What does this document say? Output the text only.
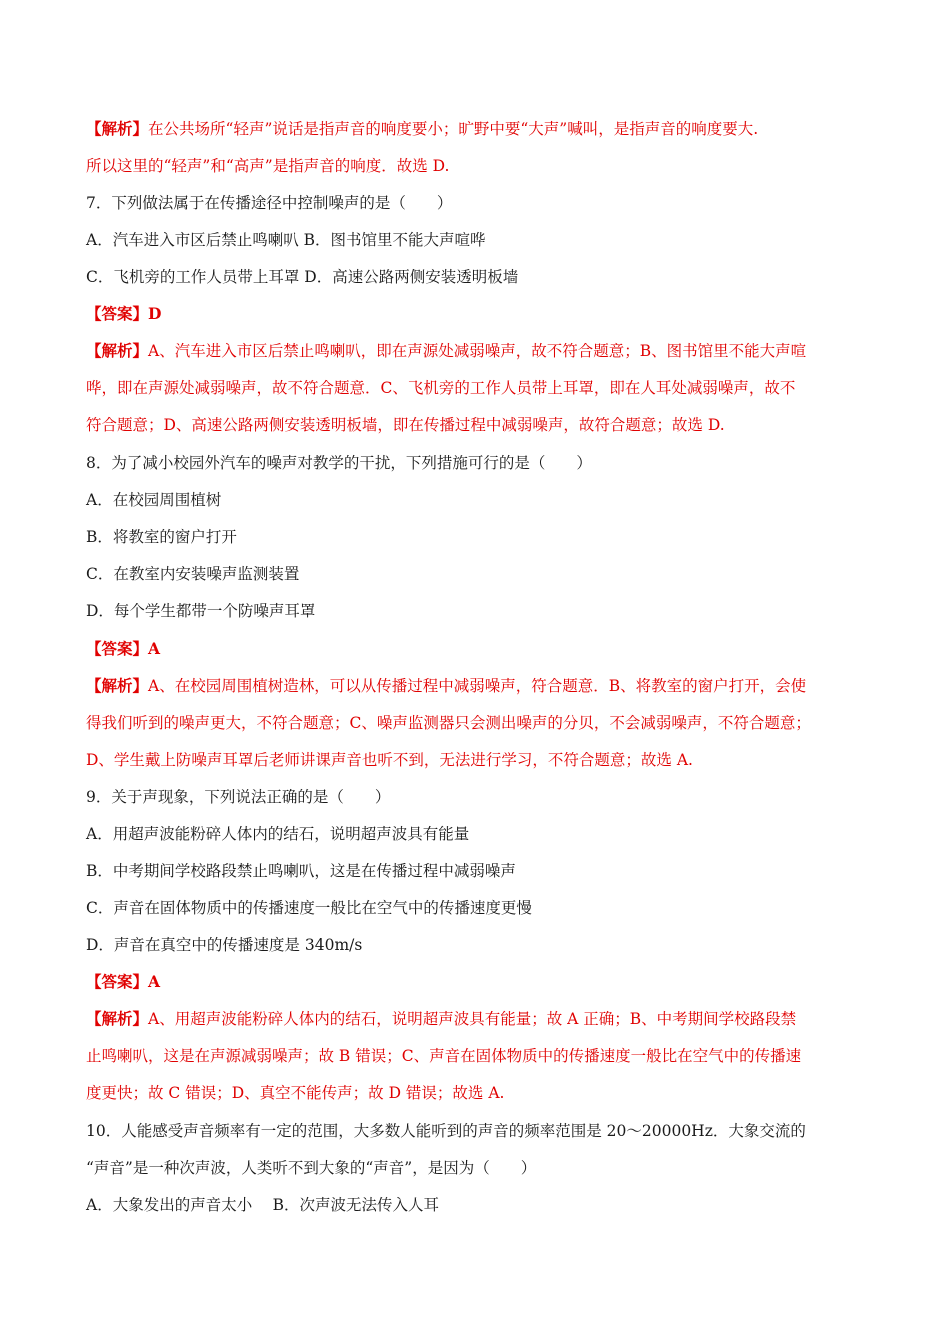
【解析】在公共场所“轻声”说话是指声音的响度要小；旷野中要“大声”喊叫，是指声音的响度要大.
所以这里的“轻声”和“高声”是指声音的响度．故选 D.
7．下列做法属于在传播途径中控制噪声的是（　　）
A．汽车进入市区后禁止鸣喇叭 B．图书馆里不能大声喧哗
C．飞机旁的工作人员带上耳罩 D．高速公路两侧安装透明板墙
【答案】D
【解析】A、汽车进入市区后禁止鸣喇叭，即在声源处减弱噪声，故不符合题意；B、图书馆里不能大声喧
哗，即在声源处减弱噪声，故不符合题意．C、飞机旁的工作人员带上耳罩，即在人耳处减弱噪声，故不
符合题意；D、高速公路两侧安装透明板墙，即在传播过程中减弱噪声，故符合题意；故选 D.
8．为了减小校园外汽车的噪声对教学的干扰，下列措施可行的是（　　）
A．在校园周围植树
B．将教室的窗户打开
C．在教室内安装噪声监测装置
D．每个学生都带一个防噪声耳罩
【答案】A
【解析】A、在校园周围植树造林，可以从传播过程中减弱噪声，符合题意．B、将教室的窗户打开，会使
得我们听到的噪声更大，不符合题意；C、噪声监测器只会测出噪声的分贝，不会减弱噪声，不符合题意；
D、学生戴上防噪声耳罩后老师讲课声音也听不到，无法进行学习，不符合题意；故选 A.
9．关于声现象，下列说法正确的是（　　）
A．用超声波能粉碎人体内的结石，说明超声波具有能量
B．中考期间学校路段禁止鸣喇叭，这是在传播过程中减弱噪声
C．声音在固体物质中的传播速度一般比在空气中的传播速度更慢
D．声音在真空中的传播速度是 340m/s
【答案】A
【解析】A、用超声波能粉碎人体内的结石，说明超声波具有能量；故 A 正确；B、中考期间学校路段禁
止鸣喇叭，这是在声源减弱噪声；故 B 错误；C、声音在固体物质中的传播速度一般比在空气中的传播速
度更快；故 C 错误；D、真空不能传声；故 D 错误；故选 A.
10．人能感受声音频率有一定的范围，大多数人能听到的声音的频率范围是 20～20000Hz．大象交流的
“声音”是一种次声波，人类听不到大象的“声音”，是因为（　　）
A．大象发出的声音太小　 B．次声波无法传入人耳
